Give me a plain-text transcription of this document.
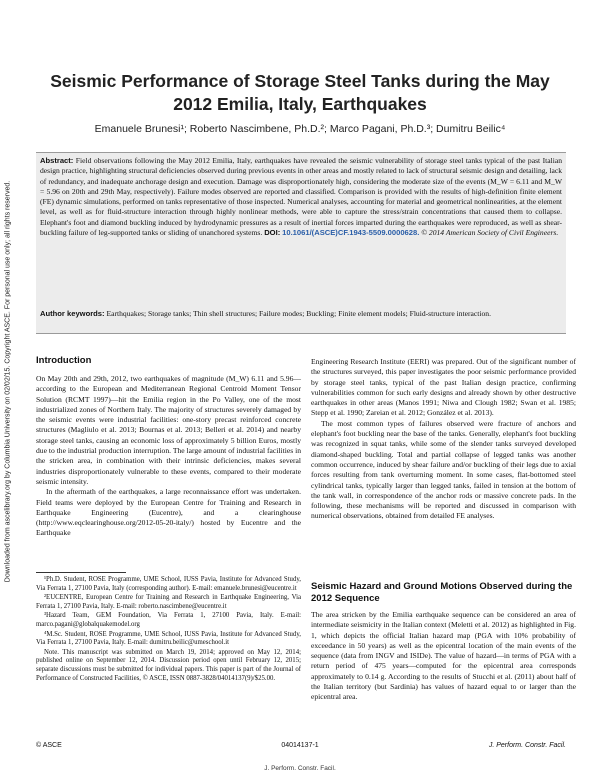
Downloaded from ascelibrary.org by Columbia University on 02/02/15. Copyright ASCE. For personal use only; all rights reserved.
Seismic Performance of Storage Steel Tanks during the May 2012 Emilia, Italy, Earthquakes
Emanuele Brunesi¹; Roberto Nascimbene, Ph.D.²; Marco Pagani, Ph.D.³; Dumitru Beilic⁴
Abstract: Field observations following the May 2012 Emilia, Italy, earthquakes have revealed the seismic vulnerability of storage steel tanks typical of the past Italian design practice, highlighting structural deficiencies observed during previous events in other areas and mostly related to lack of structural seismic design and detailing, lack of redundancy, and inadequate anchorage design and execution. Damage was disproportionately high, considering the moderate size of the events (M_W = 6.11 and M_W = 5.96 on 20th and 29th May, respectively). Failure modes observed are reported and classified. Comparison is provided with the results of high-definition finite element (FE) dynamic simulations, performed on tanks representative of those inspected. Numerical analyses, accounting for material and geometrical nonlinearities, at the element level, as well as for fluid-structure interaction through highly nonlinear methods, were able to capture the stress/strain concentrations that caused them to collapse. Elephant's foot and diamond buckling induced by hydrodynamic pressures as a result of inertial forces imparted during the earthquakes were reproduced, as well as shear-buckling failure of leg-supported tanks or sliding of unanchored systems. DOI: 10.1061/(ASCE)CF.1943-5509.0000628. © 2014 American Society of Civil Engineers.
Author keywords: Earthquakes; Storage tanks; Thin shell structures; Failure modes; Buckling; Finite element models; Fluid-structure interaction.
Introduction

On May 20th and 29th, 2012, two earthquakes of magnitude (M_W) 6.11 and 5.96—according to the European and Mediterranean Regional Centroid Moment Tensor Solution (RCMT 1997)—hit the Emilia region in the Po Valley, one of the most industrialized zones of Northern Italy. The majority of structures severely damaged by the seismic events were industrial facilities: one-story precast reinforced concrete structures (Magliulo et al. 2013; Bournas et al. 2013; Belleri et al. 2014) and nearby storage steel tanks, causing an economic loss of approximately 5 billion Euros, mostly due to the industrial production interruption. The large amount of industrial facilities in the stricken area, in combination with their intrinsic deficiencies, makes several industries disproportionately vulnerable to these events, compared to their moderate seismic intensity.

In the aftermath of the earthquakes, a large reconnaissance effort was undertaken. Field teams were deployed by the European Centre for Training and Research in Earthquake Engineering (Eucentre), and a clearinghouse (http://www.eqclearinghouse.org/2012-05-20-italy/) hosted by Eucentre and the Earthquake

¹Ph.D. Student, ROSE Programme, UME School, IUSS Pavia, Institute for Advanced Study, Via Ferrata 1, 27100 Pavia, Italy (corresponding author). E-mail: emanuele.brunesi@eucentre.it

²EUCENTRE, European Centre for Training and Research in Earthquake Engineering, Via Ferrata 1, 27100 Pavia, Italy. E-mail: roberto.nascimbene@eucentre.it

³Hazard Team, GEM Foundation, Via Ferrata 1, 27100 Pavia, Italy. E-mail: marco.pagani@globalquakemodel.org

⁴M.Sc. Student, ROSE Programme, UME School, IUSS Pavia, Institute for Advanced Study, Via Ferrata 1, 27100 Pavia, Italy. E-mail: dumitru.beilic@umeschool.it

Note. This manuscript was submitted on March 19, 2014; approved on May 12, 2014; published online on September 12, 2014. Discussion period open until February 12, 2015; separate discussions must be submitted for individual papers. This paper is part of the Journal of Performance of Constructed Facilities, © ASCE, ISSN 0887-3828/04014137(9)/$25.00.

Engineering Research Institute (EERI) was prepared. Out of the significant number of the structures surveyed, this paper investigates the poor seismic performance provided by storage steel tanks, typical of the past Italian design practice, confirming vulnerabilities common for such early designs and already shown by other destructive earthquakes in other areas (Manos 1991; Niwa and Clough 1982; Swan et al. 1985; Stepp et al. 1990; Zareian et al. 2012; González et al. 2013).

The most common types of failures observed were fracture of anchors and elephant's foot buckling near the base of the tanks. Generally, elephant's foot buckling was recognized in squat tanks, while some of the slender tanks surveyed developed diamond-shaped buckling. Total and partial collapse of legged tanks was another common occurrence, induced by shear failure and/or buckling of their legs due to axial forces resulting from tank overturning moment. In some cases, flat-bottomed steel cylindrical tanks, typically larger than legged tanks, failed in tension at the bottom of the tank wall, in correspondence of the anchor rods or massive concrete pads. In the following, these mechanisms will be reported and discussed in comparison with numerical observations, obtained from detailed FE analyses.

Seismic Hazard and Ground Motions Observed during the 2012 Sequence

The area stricken by the Emilia earthquake sequence can be considered an area of intermediate seismicity in the Italian context (Meletti et al. 2012) as highlighted in Fig. 1, which depicts the official Italian hazard map (PGA with 10% probability of exceedance in 50 years) as well as the epicentral location of the main events of the sequence (data from INGV and ISIDe). The value of hazard—in terms of PGA with a return period of 475 years—computed for the epicentral area corresponds approximately to 0.14 g. According to the results of Stucchi et al. (2011) about half of the Italian territory (but Sardinia) has values of hazard equal to or larger than the epicentral area.

© ASCE	04014137-1	J. Perform. Constr. Facil.
J. Perform. Constr. Facil.
